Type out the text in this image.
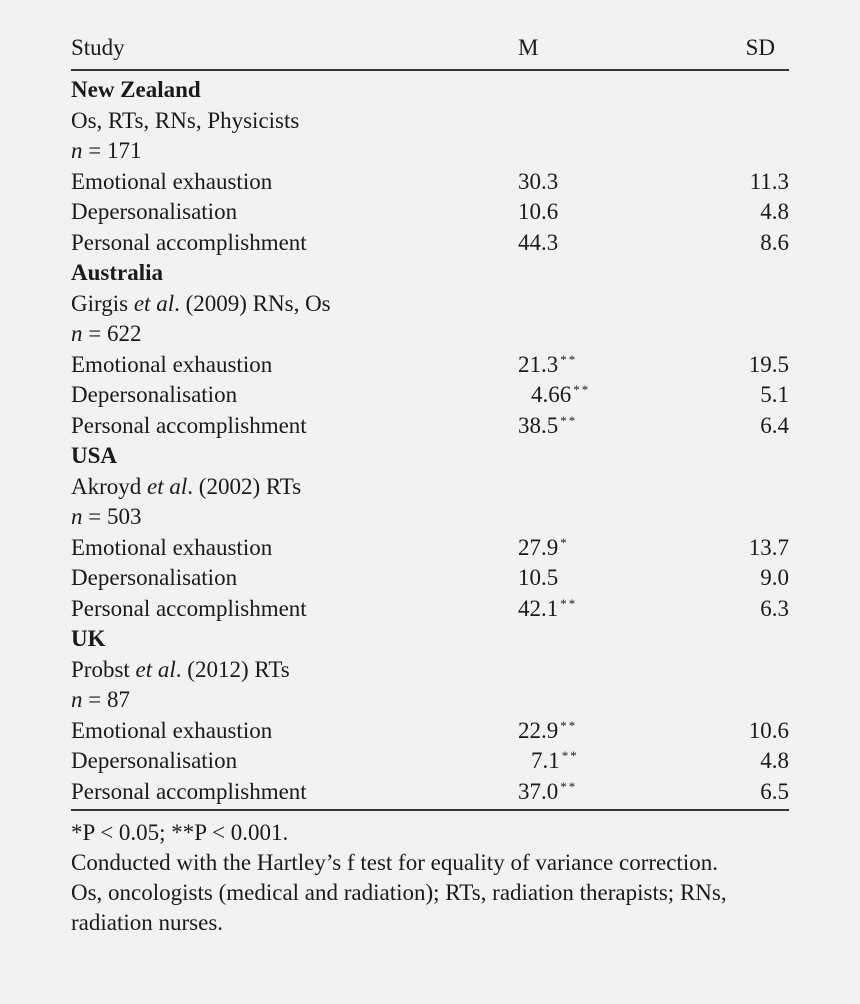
Study	M	SD
New Zealand
Os, RTs, RNs, Physicists
n = 171
Emotional exhaustion	30.3	11.3
Depersonalisation	10.6	4.8
Personal accomplishment	44.3	8.6
Australia
Girgis et al. (2009) RNs, Os
n = 622
Emotional exhaustion	21.3 **	19.5
Depersonalisation	4.66 **	5.1
Personal accomplishment	38.5 **	6.4
USA
Akroyd et al. (2002) RTs
n = 503
Emotional exhaustion	27.9 *	13.7
Depersonalisation	10.5	9.0
Personal accomplishment	42.1 **	6.3
UK
Probst et al. (2012) RTs
n = 87
Emotional exhaustion	22.9 **	10.6
Depersonalisation	7.1 **	4.8
Personal accomplishment	37.0 **	6.5
*P < 0.05; **P < 0.001.
Conducted with the Hartley’s f test for equality of variance correction.
Os, oncologists (medical and radiation); RTs, radiation therapists; RNs, radiation nurses.
